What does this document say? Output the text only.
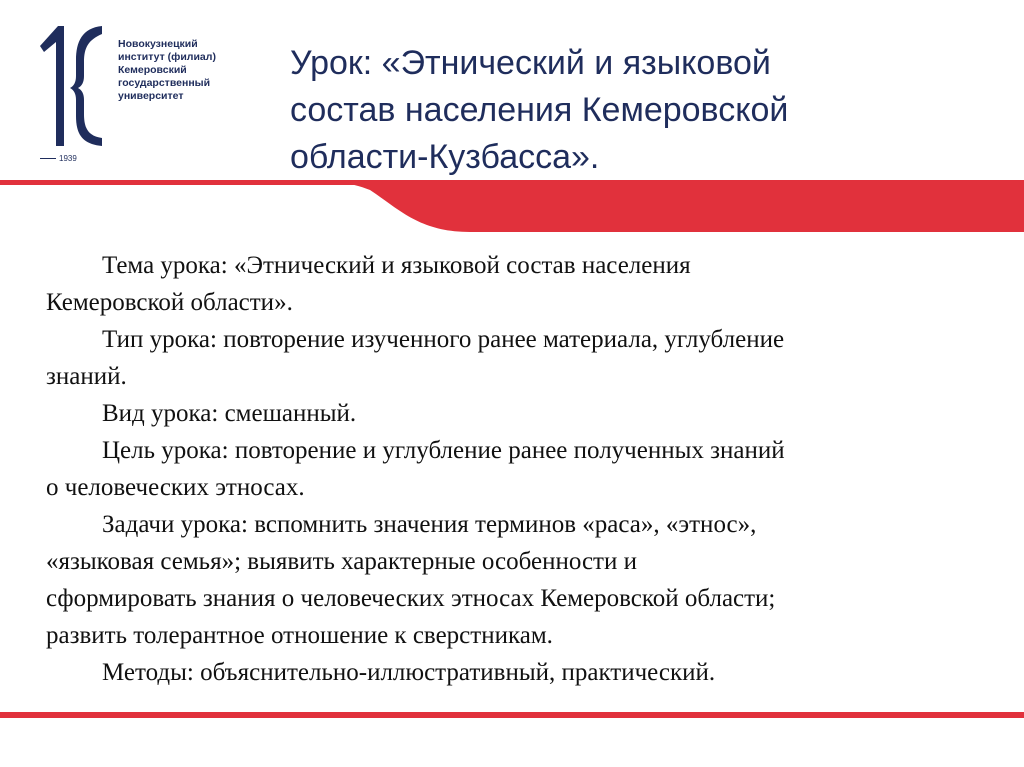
Новокузнецкий
институт (филиал)
Кемеровский
государственный
университет
1939
Урок: «Этнический и языковой
состав населения Кемеровской
области-Кузбасса».
Тема урока: «Этнический и языковой состав населения
Кемеровской области».
Тип урока: повторение изученного ранее материала, углубление
знаний.
Вид урока: смешанный.
Цель урока: повторение и углубление ранее полученных знаний
о человеческих этносах.
Задачи урока: вспомнить значения терминов «раса», «этнос»,
«языковая семья»; выявить характерные особенности и
сформировать знания о человеческих этносах Кемеровской области;
развить толерантное отношение к сверстникам.
Методы: объяснительно-иллюстративный, практический.
